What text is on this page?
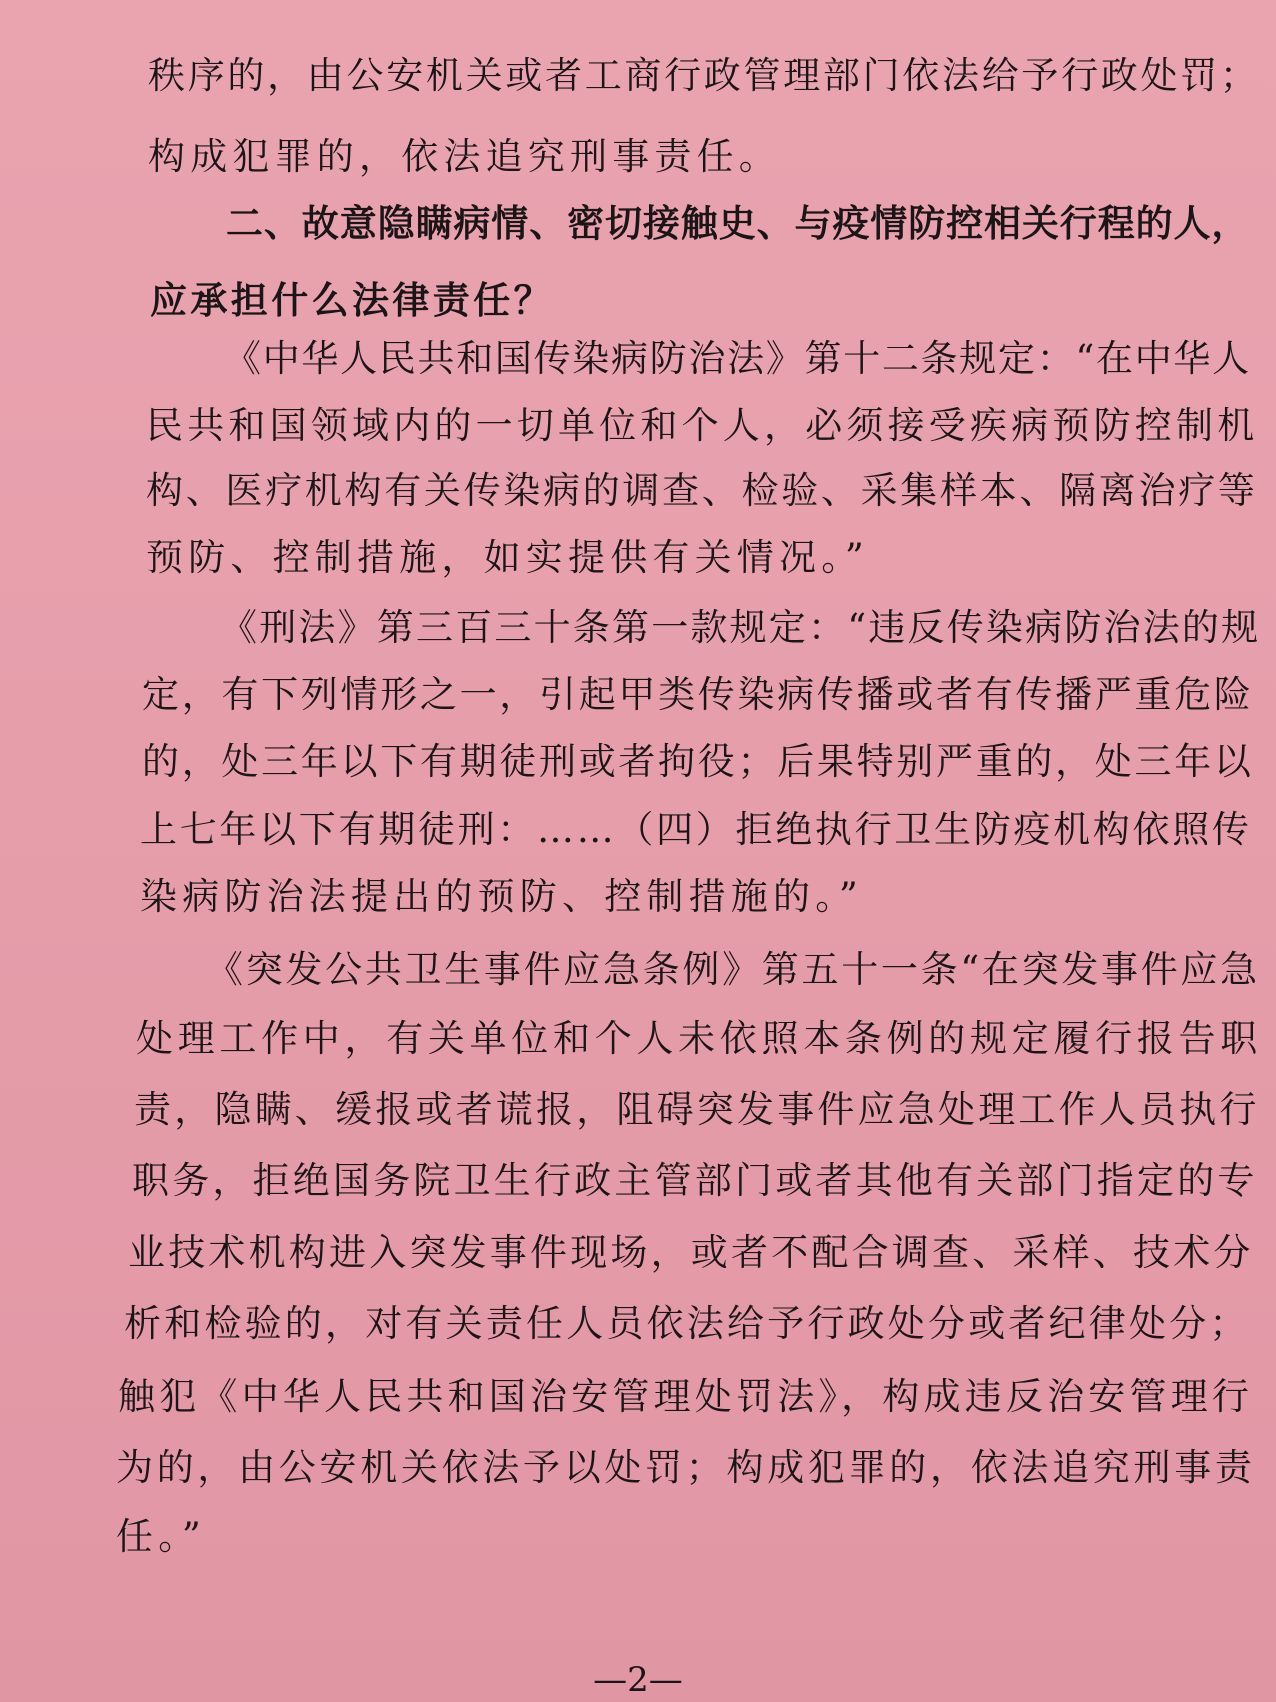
秩序的，由公安机关或者工商行政管理部门依法给予行政处罚；
构成犯罪的，依法追究刑事责任。
二、故意隐瞒病情、密切接触史、与疫情防控相关行程的人，
应承担什么法律责任？
《中华人民共和国传染病防治法》第十二条规定：“在中华人
民共和国领域内的一切单位和个人，必须接受疾病预防控制机
构、医疗机构有关传染病的调查、检验、采集样本、隔离治疗等
预防、控制措施，如实提供有关情况。”
《刑法》第三百三十条第一款规定：“违反传染病防治法的规
定，有下列情形之一，引起甲类传染病传播或者有传播严重危险
的，处三年以下有期徒刑或者拘役；后果特别严重的，处三年以
上七年以下有期徒刑：……（四）拒绝执行卫生防疫机构依照传
染病防治法提出的预防、控制措施的。”
《突发公共卫生事件应急条例》第五十一条“在突发事件应急
处理工作中，有关单位和个人未依照本条例的规定履行报告职
责，隐瞒、缓报或者谎报，阻碍突发事件应急处理工作人员执行
职务，拒绝国务院卫生行政主管部门或者其他有关部门指定的专
业技术机构进入突发事件现场，或者不配合调查、采样、技术分
析和检验的，对有关责任人员依法给予行政处分或者纪律处分；
触犯《中华人民共和国治安管理处罚法》，构成违反治安管理行
为的，由公安机关依法予以处罚；构成犯罪的，依法追究刑事责
任。”
—2—
